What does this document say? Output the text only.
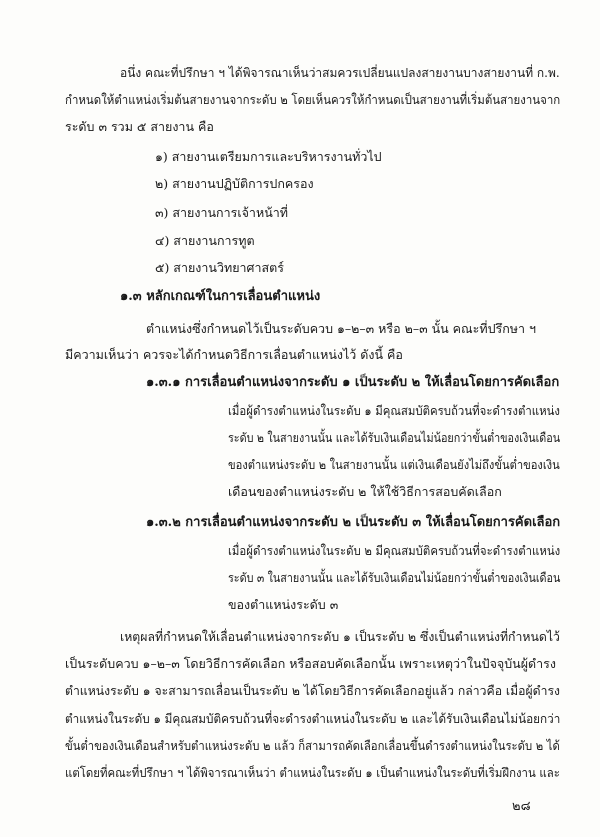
อนึ่ง คณะที่ปรึกษา ฯ ได้พิจารณาเห็นว่าสมควรเปลี่ยนแปลงสายงานบางสายงานที่ ก.พ.
กำหนดให้ตำแหน่งเริ่มต้นสายงานจากระดับ ๒ โดยเห็นควรให้กำหนดเป็นสายงานที่เริ่มต้นสายงานจาก
ระดับ ๓ รวม ๕ สายงาน คือ
๑) สายงานเตรียมการและบริหารงานทั่วไป
๒) สายงานปฏิบัติการปกครอง
๓) สายงานการเจ้าหน้าที่
๔) สายงานการทูต
๕) สายงานวิทยาศาสตร์
๑.๓ หลักเกณฑ์ในการเลื่อนตำแหน่ง
ตำแหน่งซึ่งกำหนดไว้เป็นระดับควบ ๑–๒–๓ หรือ ๒–๓ นั้น คณะที่ปรึกษา ฯ
มีความเห็นว่า ควรจะได้กำหนดวิธีการเลื่อนตำแหน่งไว้ ดังนี้ คือ
๑.๓.๑ การเลื่อนตำแหน่งจากระดับ ๑ เป็นระดับ ๒ ให้เลื่อนโดยการคัดเลือก
เมื่อผู้ดำรงตำแหน่งในระดับ ๑ มีคุณสมบัติครบถ้วนที่จะดำรงตำแหน่ง
ระดับ ๒ ในสายงานนั้น และได้รับเงินเดือนไม่น้อยกว่าขั้นต่ำของเงินเดือน
ของตำแหน่งระดับ ๒ ในสายงานนั้น แต่เงินเดือนยังไม่ถึงขั้นต่ำของเงิน
เดือนของตำแหน่งระดับ ๒ ให้ใช้วิธีการสอบคัดเลือก
๑.๓.๒ การเลื่อนตำแหน่งจากระดับ ๒ เป็นระดับ ๓ ให้เลื่อนโดยการคัดเลือก
เมื่อผู้ดำรงตำแหน่งในระดับ ๒ มีคุณสมบัติครบถ้วนที่จะดำรงตำแหน่ง
ระดับ ๓ ในสายงานนั้น และได้รับเงินเดือนไม่น้อยกว่าขั้นต่ำของเงินเดือน
ของตำแหน่งระดับ ๓
เหตุผลที่กำหนดให้เลื่อนตำแหน่งจากระดับ ๑ เป็นระดับ ๒ ซึ่งเป็นตำแหน่งที่กำหนดไว้
เป็นระดับควบ ๑–๒–๓ โดยวิธีการคัดเลือก หรือสอบคัดเลือกนั้น เพราะเหตุว่าในปัจจุบันผู้ดำรง
ตำแหน่งระดับ ๑ จะสามารถเลื่อนเป็นระดับ ๒ ได้โดยวิธีการคัดเลือกอยู่แล้ว กล่าวคือ เมื่อผู้ดำรง
ตำแหน่งในระดับ ๑ มีคุณสมบัติครบถ้วนที่จะดำรงตำแหน่งในระดับ ๒ และได้รับเงินเดือนไม่น้อยกว่า
ขั้นต่ำของเงินเดือนสำหรับตำแหน่งระดับ ๒ แล้ว ก็สามารถคัดเลือกเลื่อนขึ้นดำรงตำแหน่งในระดับ ๒ ได้
แต่โดยที่คณะที่ปรึกษา ฯ ได้พิจารณาเห็นว่า ตำแหน่งในระดับ ๑ เป็นตำแหน่งในระดับที่เริ่มฝึกงาน และ
๒๘
